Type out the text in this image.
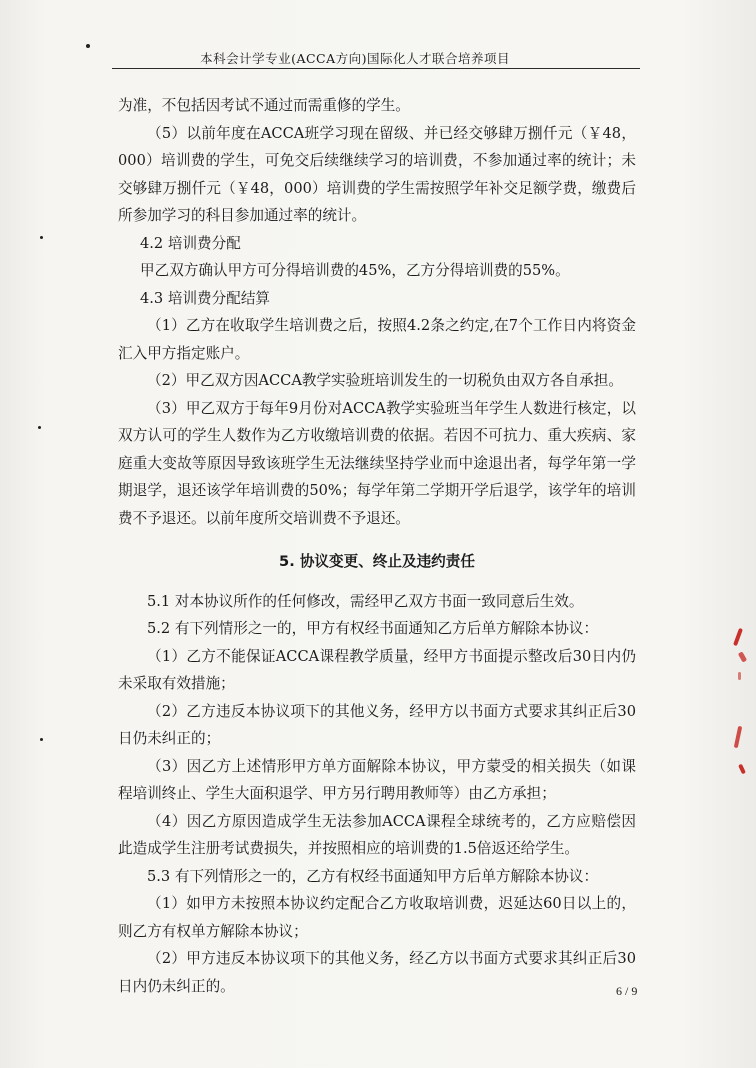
本科会计学专业(ACCA方向)国际化人才联合培养项目

为准，不包括因考试不通过而需重修的学生。

（5）以前年度在ACCA班学习现在留级、并已经交够肆万捌仟元（￥48，000）培训费的学生，可免交后续继续学习的培训费，不参加通过率的统计；未交够肆万捌仟元（￥48，000）培训费的学生需按照学年补交足额学费，缴费后所参加学习的科目参加通过率的统计。

4.2 培训费分配

甲乙双方确认甲方可分得培训费的45%，乙方分得培训费的55%。

4.3 培训费分配结算

（1）乙方在收取学生培训费之后，按照4.2条之约定,在7个工作日内将资金汇入甲方指定账户。

（2）甲乙双方因ACCA教学实验班培训发生的一切税负由双方各自承担。

（3）甲乙双方于每年9月份对ACCA教学实验班当年学生人数进行核定，以双方认可的学生人数作为乙方收缴培训费的依据。若因不可抗力、重大疾病、家庭重大变故等原因导致该班学生无法继续坚持学业而中途退出者，每学年第一学期退学，退还该学年培训费的50%；每学年第二学期开学后退学，该学年的培训费不予退还。以前年度所交培训费不予退还。

5. 协议变更、终止及违约责任

5.1 对本协议所作的任何修改，需经甲乙双方书面一致同意后生效。

5.2 有下列情形之一的，甲方有权经书面通知乙方后单方解除本协议：

（1）乙方不能保证ACCA课程教学质量，经甲方书面提示整改后30日内仍未采取有效措施；

（2）乙方违反本协议项下的其他义务，经甲方以书面方式要求其纠正后30日仍未纠正的；

（3）因乙方上述情形甲方单方面解除本协议，甲方蒙受的相关损失（如课程培训终止、学生大面积退学、甲方另行聘用教师等）由乙方承担；

（4）因乙方原因造成学生无法参加ACCA课程全球统考的，乙方应赔偿因此造成学生注册考试费损失，并按照相应的培训费的1.5倍返还给学生。

5.3 有下列情形之一的，乙方有权经书面通知甲方后单方解除本协议：

（1）如甲方未按照本协议约定配合乙方收取培训费，迟延达60日以上的，则乙方有权单方解除本协议；

（2）甲方违反本协议项下的其他义务，经乙方以书面方式要求其纠正后30日内仍未纠正的。	6 / 9
